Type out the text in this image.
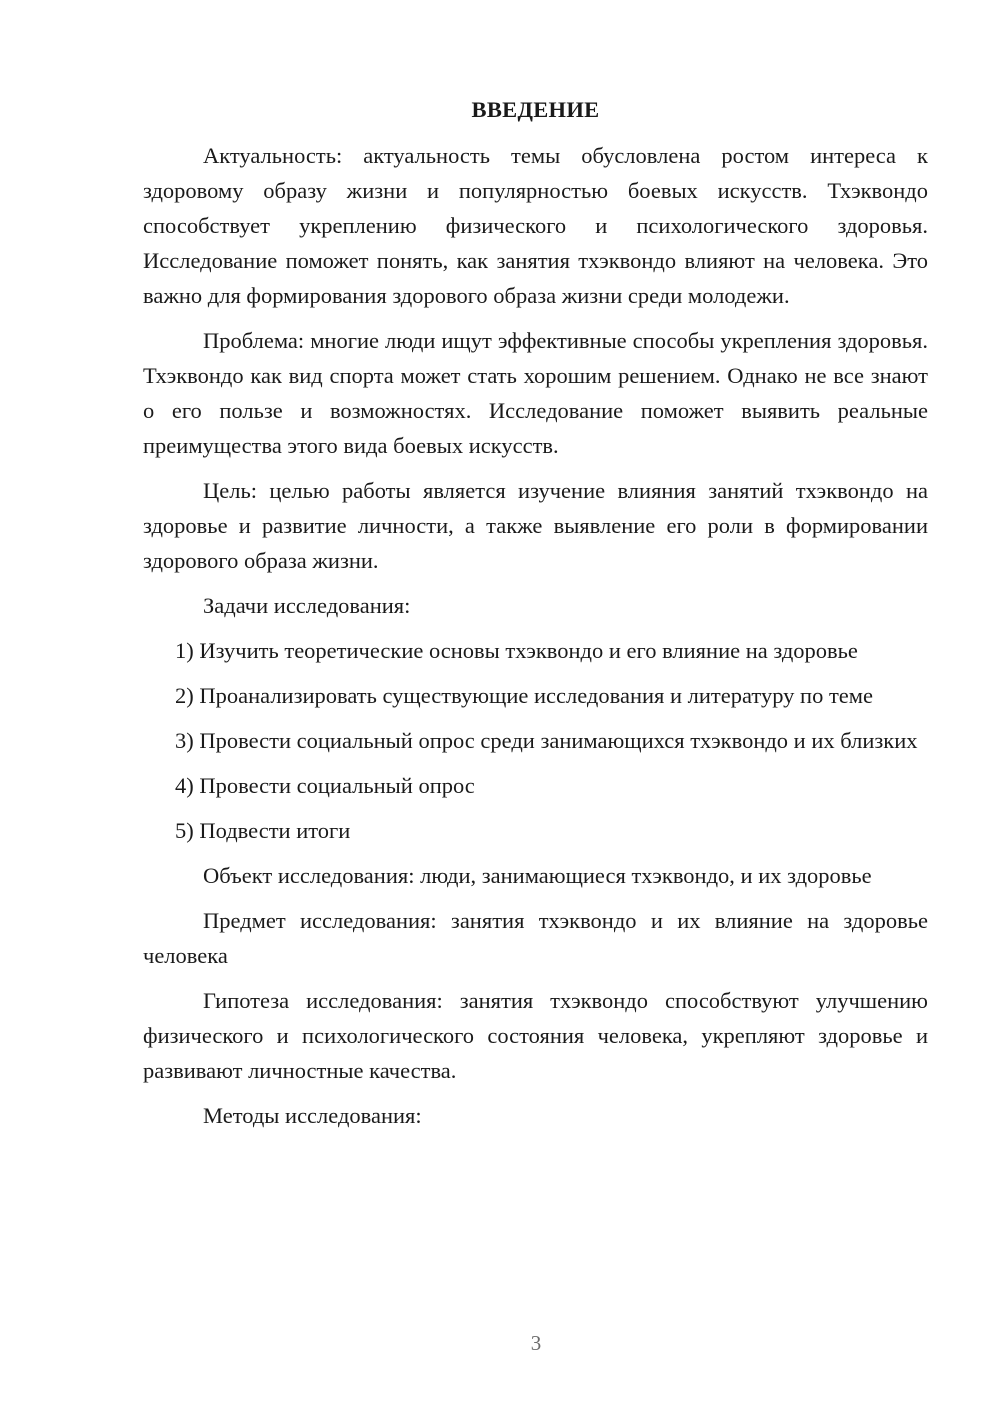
ВВЕДЕНИЕ

Актуальность: актуальность темы обусловлена ростом интереса к здоровому образу жизни и популярностью боевых искусств. Тхэквондо способствует укреплению физического и психологического здоровья. Исследование поможет понять, как занятия тхэквондо влияют на человека. Это важно для формирования здорового образа жизни среди молодежи.

Проблема: многие люди ищут эффективные способы укрепления здоровья. Тхэквондо как вид спорта может стать хорошим решением. Однако не все знают о его пользе и возможностях. Исследование поможет выявить реальные преимущества этого вида боевых искусств.

Цель: целью работы является изучение влияния занятий тхэквондо на здоровье и развитие личности, а также выявление его роли в формировании здорового образа жизни.

Задачи исследования:

1) Изучить теоретические основы тхэквондо и его влияние на здоровье

2) Проанализировать существующие исследования и литературу по теме

3) Провести социальный опрос среди занимающихся тхэквондо и их близких

4) Провести социальный опрос

5) Подвести итоги

Объект исследования: люди, занимающиеся тхэквондо, и их здоровье

Предмет исследования: занятия тхэквондо и их влияние на здоровье человека

Гипотеза исследования: занятия тхэквондо способствуют улучшению физического и психологического состояния человека, укрепляют здоровье и развивают личностные качества.

Методы исследования:

3
